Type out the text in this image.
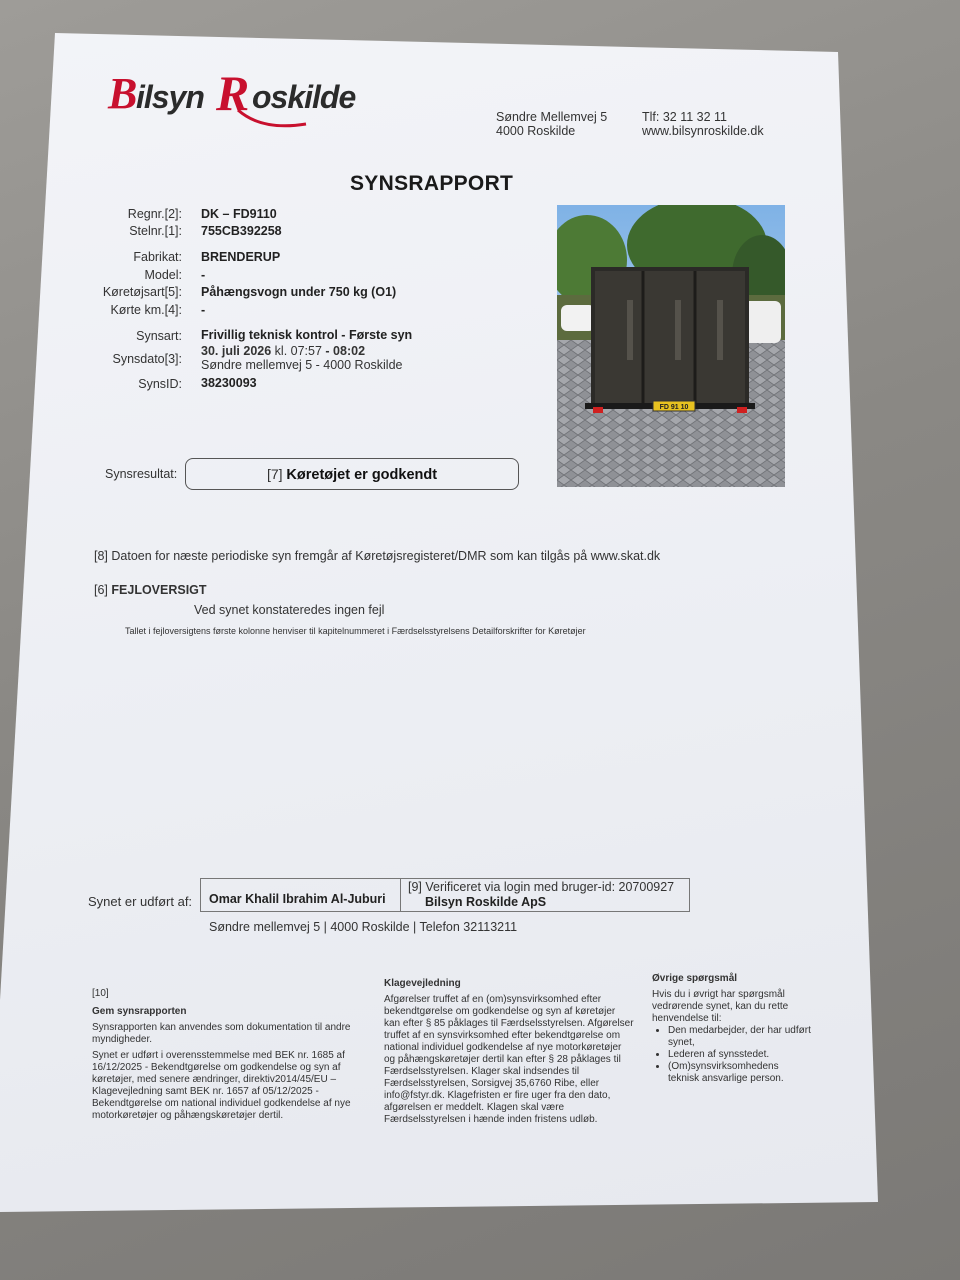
B ilsyn R oskilde
Søndre Mellemvej 5
4000 Roskilde
Tlf: 32 11 32 11
www.bilsynroskilde.dk
SYNSRAPPORT
Regnr.[2]: DK – FD9110
Stelnr.[1]: 755CB392258
Fabrikat: BRENDERUP
Model: -
Køretøjsart[5]: Påhængsvogn under 750 kg (O1)
Kørte km.[4]: -
Synsart: Frivillig teknisk kontrol - Første syn
Synsdato[3]:
30. juli 2026 kl. 07:57 - 08:02
Søndre mellemvej 5 - 4000 Roskilde
SynsID: 38230093
FD 91 10
Synsresultat:	[7] Køretøjet er godkendt
[8] Datoen for næste periodiske syn fremgår af Køretøjsregisteret/DMR som kan tilgås på www.skat.dk
[6] FEJLOVERSIGT
Ved synet konstateredes ingen fejl
Tallet i fejloversigtens første kolonne henviser til kapitelnummeret i Færdselsstyrelsens Detailforskrifter for Køretøjer
Synet er udført af: Omar Khalil Ibrahim Al-Juburi
[9] Verificeret via login med bruger-id: 20700927
Bilsyn Roskilde ApS
Søndre mellemvej 5 | 4000 Roskilde | Telefon 32113211
[10]
Gem synsrapporten
Synsrapporten kan anvendes som dokumentation til andre myndigheder.
Synet er udført i overensstemmelse med BEK nr. 1685 af 16/12/2025 - Bekendtgørelse om godkendelse og syn af køretøjer, med senere ændringer, direktiv2014/45/EU – Klagevejledning samt BEK nr. 1657 af 05/12/2025 - Bekendtgørelse om national individuel godkendelse af nye motorkøretøjer og påhængskøretøjer dertil.
Klagevejledning
Afgørelser truffet af en (om)synsvirksomhed efter bekendtgørelse om godkendelse og syn af køretøjer kan efter § 85 påklages til Færdselsstyrelsen. Afgørelser truffet af en synsvirksomhed efter bekendtgørelse om national individuel godkendelse af nye motorkøretøjer og påhængskøretøjer dertil kan efter § 28 påklages til Færdselsstyrelsen. Klager skal indsendes til Færdselsstyrelsen, Sorsigvej 35,6760 Ribe, eller info@fstyr.dk. Klagefristen er fire uger fra den dato, afgørelsen er meddelt. Klagen skal være Færdselsstyrelsen i hænde inden fristens udløb.
Øvrige spørgsmål
Hvis du i øvrigt har spørgsmål vedrørende synet, kan du rette henvendelse til:
• Den medarbejder, der har udført synet,
• Lederen af synsstedet.
• (Om)synsvirksomhedens teknisk ansvarlige person.
